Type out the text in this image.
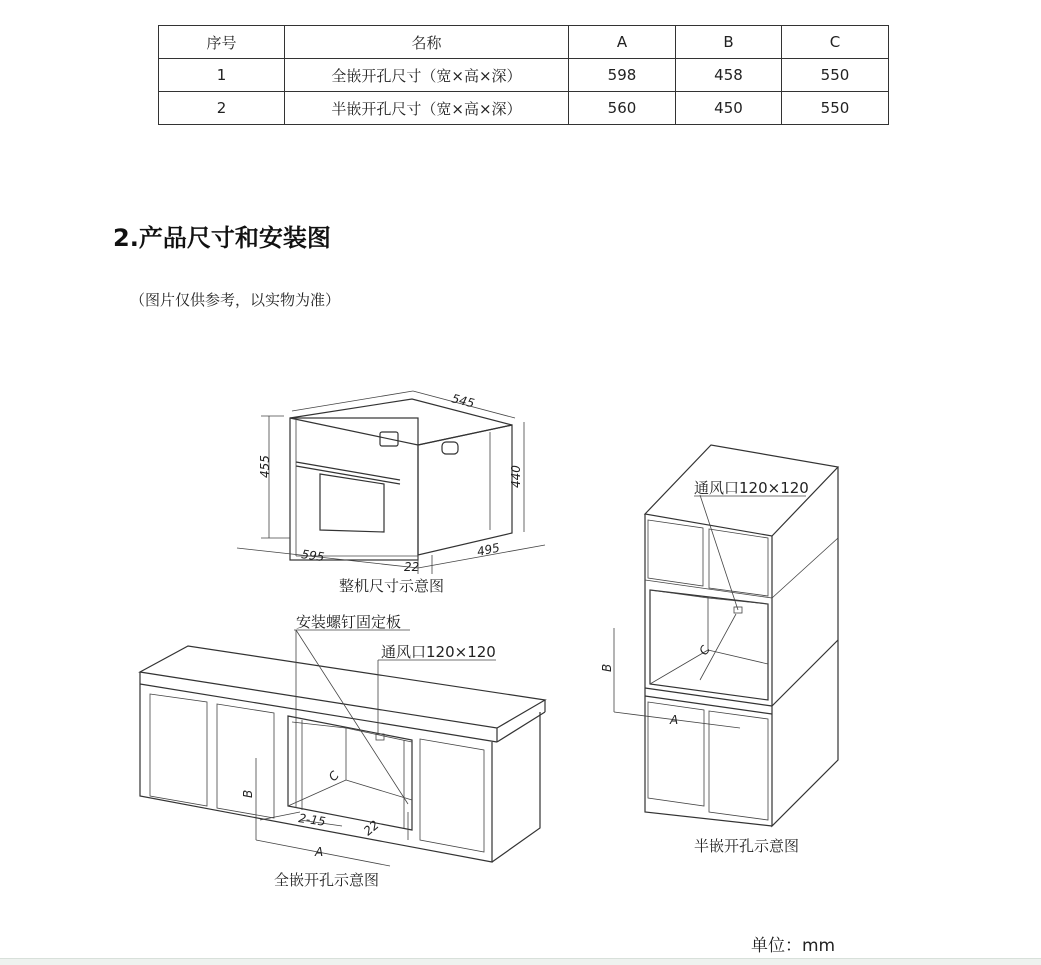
序号	名称	A	B	C
1	全嵌开孔尺寸（宽×高×深）	598	458	550
2	半嵌开孔尺寸（宽×高×深）	560	450	550
2.产品尺寸和安装图
（图片仅供参考，以实物为准）
545
455	440
595
22
495
整机尺寸示意图
B
A
C
2-15	22
安装螺钉固定板
通风口120×120
全嵌开孔示意图
B
A
C
通风口120×120
半嵌开孔示意图
单位：mm
